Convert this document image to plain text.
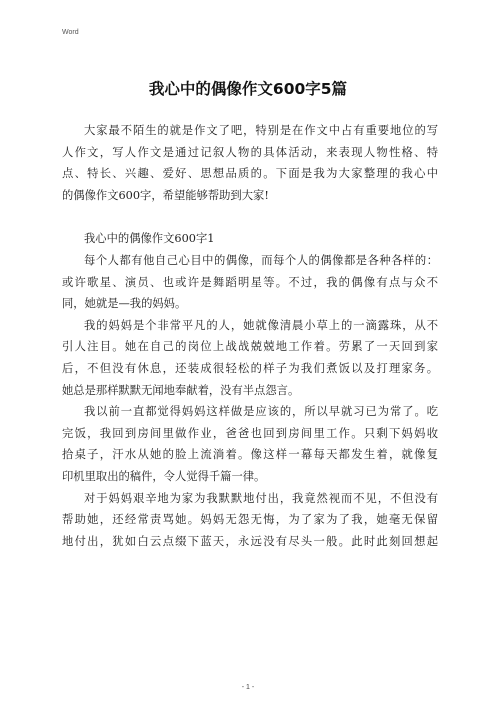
Word
我心中的偶像作文600字5篇

大家最不陌生的就是作文了吧，特别是在作文中占有重要地位的写
人作文，写人作文是通过记叙人物的具体活动，来表现人物性格、特
点、特长、兴趣、爱好、思想品质的。下面是我为大家整理的我心中
的偶像作文600字，希望能够帮助到大家!

我心中的偶像作文600字1

每个人都有他自己心目中的偶像，而每个人的偶像都是各种各样的：
或许歌星、演员、也或许是舞蹈明星等。不过，我的偶像有点与众不
同，她就是—我的妈妈。

我的妈妈是个非常平凡的人，她就像清晨小草上的一滴露珠，从不
引人注目。她在自己的岗位上战战兢兢地工作着。劳累了一天回到家
后，不但没有休息，还装成很轻松的样子为我们煮饭以及打理家务。
她总是那样默默无闻地奉献着，没有半点怨言。

我以前一直都觉得妈妈这样做是应该的，所以早就习已为常了。吃
完饭，我回到房间里做作业，爸爸也回到房间里工作。只剩下妈妈收
拾桌子，汗水从她的脸上流淌着。像这样一幕每天都发生着，就像复
印机里取出的稿件，令人觉得千篇一律。

对于妈妈艰辛地为家为我默默地付出，我竟然视而不见，不但没有
帮助她，还经常责骂她。妈妈无怨无悔，为了家为了我，她毫无保留
地付出，犹如白云点缀下蓝天，永远没有尽头一般。此时此刻回想起

- 1 -
